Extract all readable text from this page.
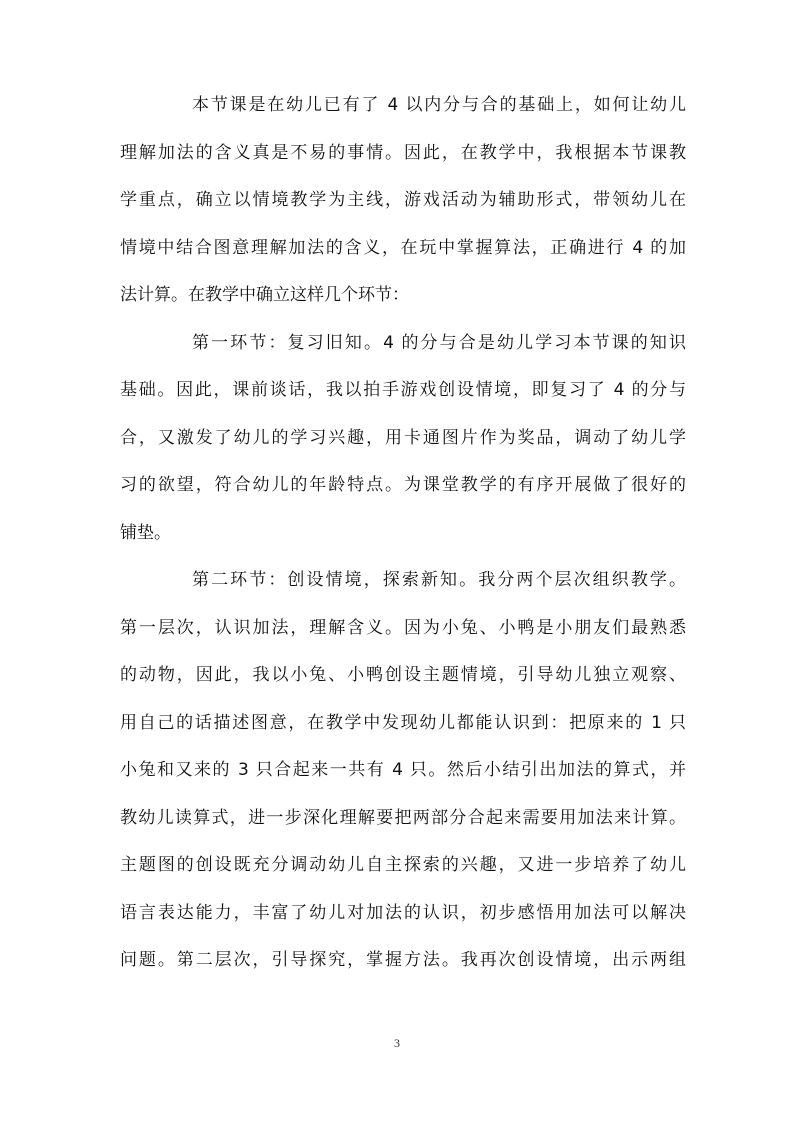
本节课是在幼儿已有了 4 以内分与合的基础上，如何让幼儿
理解加法的含义真是不易的事情。因此，在教学中，我根据本节课教
学重点，确立以情境教学为主线，游戏活动为辅助形式，带领幼儿在
情境中结合图意理解加法的含义，在玩中掌握算法，正确进行 4 的加
法计算。在教学中确立这样几个环节：
第一环节：复习旧知。4 的分与合是幼儿学习本节课的知识
基础。因此，课前谈话，我以拍手游戏创设情境，即复习了 4 的分与
合，又激发了幼儿的学习兴趣，用卡通图片作为奖品，调动了幼儿学
习的欲望，符合幼儿的年龄特点。为课堂教学的有序开展做了很好的
铺垫。
第二环节：创设情境，探索新知。我分两个层次组织教学。
第一层次，认识加法，理解含义。因为小兔、小鸭是小朋友们最熟悉
的动物，因此，我以小兔、小鸭创设主题情境，引导幼儿独立观察、
用自己的话描述图意，在教学中发现幼儿都能认识到：把原来的 1 只
小兔和又来的 3 只合起来一共有 4 只。然后小结引出加法的算式，并
教幼儿读算式，进一步深化理解要把两部分合起来需要用加法来计算。
主题图的创设既充分调动幼儿自主探索的兴趣，又进一步培养了幼儿
语言表达能力，丰富了幼儿对加法的认识，初步感悟用加法可以解决
问题。第二层次，引导探究，掌握方法。我再次创设情境，出示两组
3
